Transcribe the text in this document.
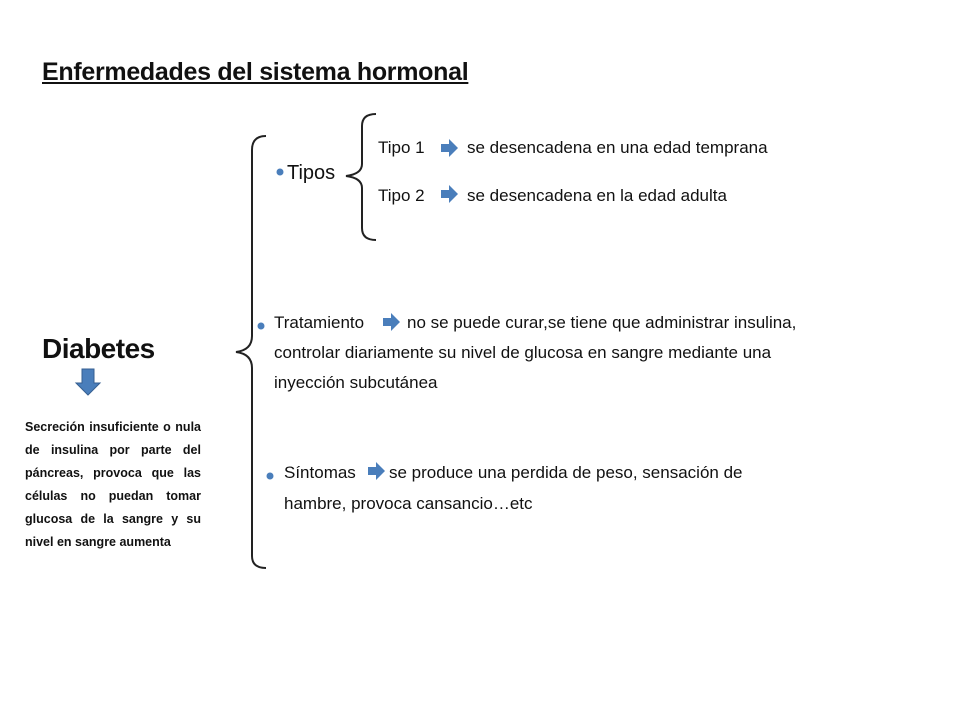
Enfermedades del sistema hormonal
Diabetes
Secreción insuficiente o nula de insulina por parte del páncreas, provoca que las células no puedan tomar glucosa de la sangre y su nivel en sangre aumenta
Tipos
Tipo 1 se desencadena en una edad temprana
Tipo 2 se desencadena en la edad adulta
Tratamiento	no se puede curar,se tiene que administrar insulina,
controlar diariamente su nivel de glucosa en sangre mediante una
inyección subcutánea
Síntomas se produce una perdida de peso, sensación de
hambre, provoca cansancio…etc
